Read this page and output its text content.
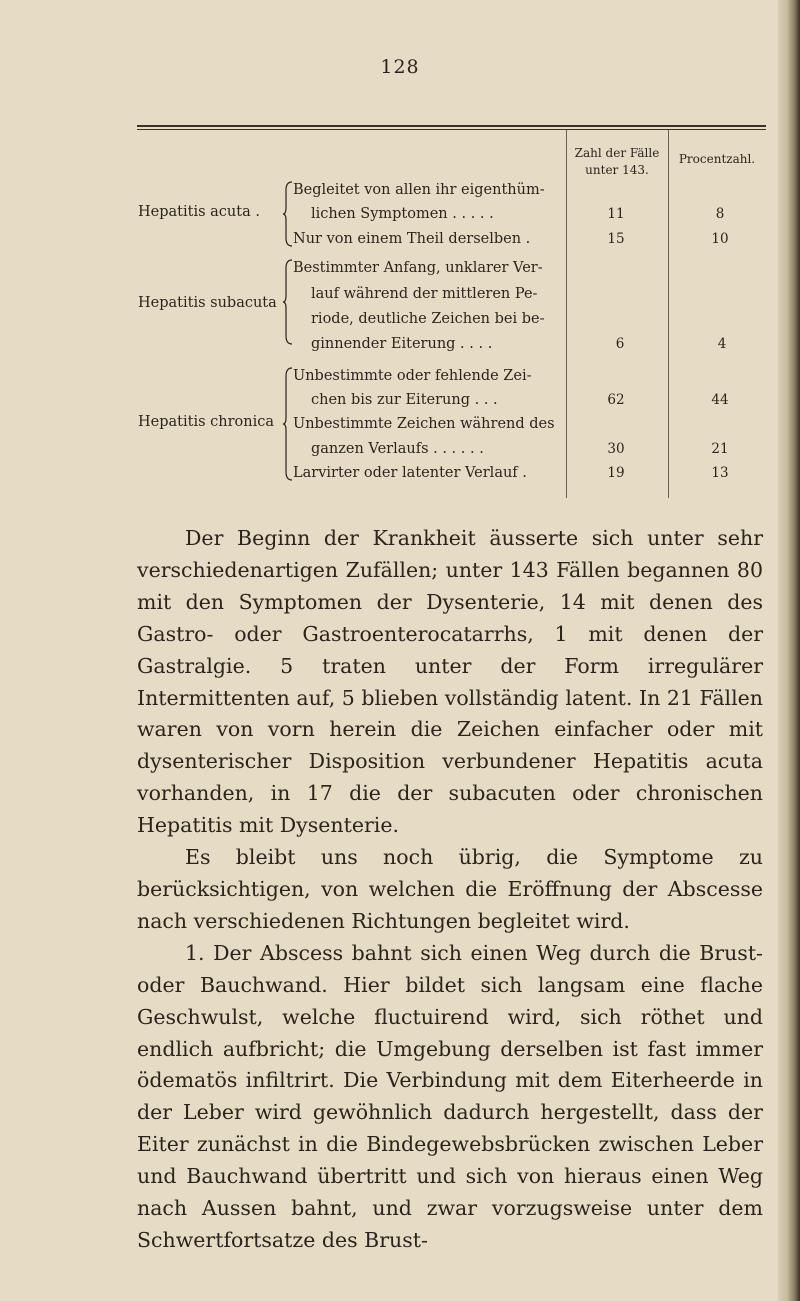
128
Zahl der Fälle unter 143.
Procentzahl.
Hepatitis acuta .
Begleitet von allen ihr eigenthüm-
lichen Symptomen . . . . .	11	8
Nur von einem Theil derselben .	15	10
Hepatitis subacuta
Bestimmter Anfang, unklarer Ver-
lauf während der mittleren Pe-
riode, deutliche Zeichen bei be-
ginnender Eiterung . . . .	6	4
Hepatitis chronica
Unbestimmte oder fehlende Zei-
chen bis zur Eiterung . . .	62	44
Unbestimmte Zeichen während des
ganzen Verlaufs . . . . . .	30	21
Larvirter oder latenter Verlauf .	19	13

Der Beginn der Krankheit äusserte sich unter sehr verschiedenartigen Zufällen; unter 143 Fällen begannen 80 mit den Symptomen der Dysenterie, 14 mit denen des Gastro- oder Gastroenterocatarrhs, 1 mit denen der Gastralgie. 5 traten unter der Form irregulärer Intermittenten auf, 5 blieben vollständig latent. In 21 Fällen waren von vorn herein die Zeichen einfacher oder mit dysenterischer Disposition verbundener Hepatitis acuta vorhanden, in 17 die der subacuten oder chronischen Hepatitis mit Dysenterie.

Es bleibt uns noch übrig, die Symptome zu berücksichtigen, von welchen die Eröffnung der Abscesse nach verschiedenen Richtungen begleitet wird.

1. Der Abscess bahnt sich einen Weg durch die Brust- oder Bauchwand. Hier bildet sich langsam eine flache Geschwulst, welche fluctuirend wird, sich röthet und endlich aufbricht; die Umgebung derselben ist fast immer ödematös infiltrirt. Die Verbindung mit dem Eiterheerde in der Leber wird gewöhnlich dadurch hergestellt, dass der Eiter zunächst in die Bindegewebsbrücken zwischen Leber und Bauchwand übertritt und sich von hieraus einen Weg nach Aussen bahnt, und zwar vorzugsweise unter dem Schwertfortsatze des Brust-
